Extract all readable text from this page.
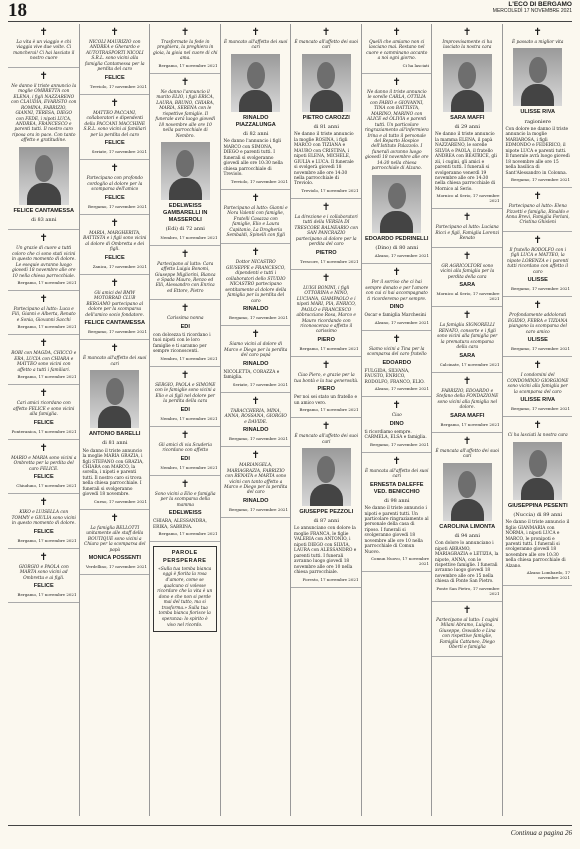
18	L'ECO DI BERGAMO
MERCOLEDÌ 17 NOVEMBRE 2021
✝

La vita è un viaggio e chi viaggia vive due volte. Ci mancherai! Ci hai lasciato il nostro cuore

✝

Ne danno il triste annuncio la moglie OMBRETTA con ELENA, i figli NAZZARENO con CLAUDIA, EVARISTO con ROMINA, FABRIZIO, GIANNI, TERESA, DIEGO con FEDE, i nipoti LUCA, ANDREA, FRANCESCO e parenti tutti. Il nostro caro riposa ora in pace. Con tanto affetto e gratitudine.

FELICE CANTAMESSA
di 83 anni
✝

Un grazie di cuore a tutti coloro che ci sono stati vicini in questo momento di dolore. Le esequie avranno luogo giovedì 18 novembre alle ore 10 nella chiesa parrocchiale.

Bergamo, 17 novembre 2021

✝

Partecipano al lutto: Luca e Fili, Gianni e Alberta, Renato e Sonia, Giovanni Sacchi

Bergamo, 17 novembre 2021

✝

ROBI con MAGDA, CHICCO e ERA, LUCIA con CHIARA e MATTEO sono vicini con affetto a tutti i familiari.

Bergamo, 17 novembre 2021

✝

Cari amici ricordano con affetto FELICE e sono vicini alla famiglia.

FELICE

Ponteranica, 17 novembre 2021

✝

MARIO e MARIA sono vicini a Ombretta per la perdita del caro FELICE.

FELICE

Chiuduno, 17 novembre 2021

✝

KIKO e LUISELLA con TOMMY e GIULIA sono vicini in questo momento di dolore.

FELICE

Bergamo, 17 novembre 2021

✝

GIORGIO e PAOLA con MARTA sono vicini ad Ombretta e ai figli.

FELICE

Bergamo, 17 novembre 2021

✝

NICOLI MAURIZIO con ANDREA e Gherardo e AUTOTRASPORTI NICOLI S.R.L. sono vicini alla famiglia Cantamessa per la perdita del caro

FELICE

Treviolo, 17 novembre 2021

✝

MATTEO PACCANI, collaboratori e dipendenti della PACCANI MACCHINE S.R.L. sono vicini ai familiari per la perdita del caro

FELICE

Seriate, 17 novembre 2021

✝

Partecipano con profondo cordoglio al dolore per la scomparsa dell'amico

FELICE

Bergamo, 17 novembre 2021

✝

MARIA, MARGHERITA, BATTISTA e i figli sono vicini al dolore di Ombretta e dei figli.

FELICE

Zanica, 17 novembre 2021

✝

Gli amici del BMW MOTORRAD CLUB BERGAMO partecipano al dolore per la scomparsa dell'amico socio fondatore.

FELICE CANTAMESSA

Bergamo, 17 novembre 2021

✝

È mancato all'affetto dei suoi cari

ANTONIO BARELLI
di 81 anni

Ne danno il triste annuncio la moglie MARIA GRAZIA, i figli STEFANO con GRAZIA, CHIARA con MARCO, la sorella, i nipoti e parenti tutti. Il nostro caro si trova nella chiesa parrocchiale. I funerali si svolgeranno giovedì 18 novembre.

Curno, 17 novembre 2021

✝

La famiglia BELLOTTI unitamente alle staff della BOUTIQUE sono vicini a Chiara per la scomparsa del papà

MONICA POSSENTI

Verdellino, 17 novembre 2021

✝

Trasformate la fede in preghiera, la preghiera in gioia, la gioia nel cuore di chi ama.

Bergamo, 17 novembre 2021

✝

Ne danno l'annuncio il marito ELIO, i figli ERICA, LAURA, BRUNO, CHIARA, MARIA, SERENA con le rispettive famiglie. Il funerale avrà luogo giovedì 18 novembre alle ore 10 nella parrocchiale di Nembro.

EDELWEISS GAMBARELLI IN MASSEROLI
(Edi) di 72 anni

Nembro, 17 novembre 2021

✝

Partecipano al lutto: Cara affetto Luigia Bonomi, Giuseppe Migliorini, Bianca e Spada Mauro, Renzo ed Elli, Alessandro con Enrica ed Ettore, Pietro

✝

Carissima nonna

EDI

con dolcezza ti ricordano i tuoi nipoti con le loro famiglie e ti saranno per sempre riconoscenti.

Nembro, 17 novembre 2021

✝

SERGIO, PAOLA e SIMONE con le famiglie sono vicini a Elio e ai figli nel dolore per la perdita della cara

EDI

Nembro, 17 novembre 2021

✝

Gli amici di via Scuderia ricordano con affetto

EDI

Nembro, 17 novembre 2021

✝

Sono vicini a Elio e famiglia per la scomparsa della mamma

EDELWEISS

CHIARA, ALESSANDRA, ERIKA, SABRINA.

Bergamo, 17 novembre 2021

PAROLE PERSPERARE

«Sulla tua tomba bianca oggi è fiorita la rosa d'amore, come se qualcuno ci volesse ricordare che la vita è un dono e che non si perde mai del tutto, ma si trasforma.» Sulla tua tomba bianca fiorisce la speranza: lo spirito è vivo nel ricordo.

✝

È mancato all'affetto dei suoi cari

RINALDO PIAZZALUNGA
di 82 anni

Ne danno l'annuncio i figli MARCO con SIMONA, DIEGO e parenti tutti. I funerali si svolgeranno giovedì alle ore 10:30 nella chiesa parrocchiale di Treviolo.

Treviolo, 17 novembre 2021

✝

Partecipano al lutto: Gianni e Nora Valenti con famiglie, Fratelli Casazza con famiglie, Elio e Laura Capitanio, La Drogheria Sembaldi, Spinelli con figli

✝

Dottor NICASTRO GIUSEPPE e FRANCESCO, dipendenti e tutti i collaboratori dello STUDIO NICASTRO partecipano sentitamente al dolore della famiglia per la perdita del caro

RINALDO

Bergamo, 17 novembre 2021

✝

Siamo vicini al dolore di Marco e Diego per la perdita del caro papà

RINALDO

NICOLETTA, CORAZZA e famiglia.

Seriate, 17 novembre 2021

✝

TABACCHERIA, MINA, ANNA, ROSSANA, GIORGIO e DAVIDE.

RINALDO

Bergamo, 17 novembre 2021

✝

MARIANGELA, MARIAGRAZIA, FABRIZIO con RENATA e MARTA sono vicini con tanto affetto a Marco e Diego per la perdita del caro

RINALDO

Bergamo, 17 novembre 2021

✝

È mancato all'affetto dei suoi cari

PIETRO CAROZZI
di 81 anni

Ne danno il triste annuncio la moglie ROSINA, i figli MARCO con TIZIANA e MAURO con CRISTINA, i nipoti ELENA, MICHELE, GIULIA e LUCA. Il funerale si svolgerà giovedì 18 novembre alle ore 14:30 nella parrocchiale di Treviolo.

Treviolo, 17 novembre 2021

✝

La direzione e i collaboratori tutti della VERSIA DI TRESCORE BALNEARIO con SAN PANCRAZIO partecipano al dolore per la perdita del caro

PIETRO

Trescore, 17 novembre 2021

✝

LUIGI BONINI, i figli OTTORINA e NINO, LUCIANA, GIAMPAOLO e i nipoti MARI, PIA, ENRICO, PAOLO e FRANCESCO abbracciano Rosa, Marco e Mauro ricordando con riconoscenza e affetto il carissimo

PIERO

Bergamo, 17 novembre 2021

✝

Ciao Piero, e grazie per la tua bontà e la tua generosità.

PIERO

Per noi sei stato un fratello e un amico vero.

Bergamo, 17 novembre 2021

✝

È mancato all'affetto dei suoi cari

GIUSEPPE PEZZOLI
di 87 anni

Lo annunciano con dolore la moglie FRANCA, le figlie VALERIA con ANTONIO, i nipoti DIEGO con SILVIA, LAURA con ALESSANDRO e parenti tutti. I funerali avranno luogo giovedì 18 novembre alle ore 10 nella chiesa parrocchiale.

Foresto, 17 novembre 2021

✝

Quelli che amiamo non ci lasciano mai. Restano nel cuore e camminano accanto a noi ogni giorno.

Ci ha lasciati

✝

Ne danno il triste annuncio le sorelle CARLA, OTTILIA con FABIO e GIOVANNI, TINA con BATTISTA, MARINO, MARINO con ALICE ed OLIVIA e parenti tutti. Un particolare ringraziamento all'infermiera Irina e al tutto il personale del Reparto Hospice dell'Istituto Palazzolo. I funerali avranno luogo giovedì 18 novembre alle ore 14:30 nella chiesa parrocchiale di Alzano.

EDOARDO PEDRINELLI
(Dino) di 80 anni

Alzano, 17 novembre 2021

✝

Per il sorriso che ci hai sempre donato e per l'amore con cui ci hai accompagnato ti ricorderemo per sempre.

DINO

Oscar e famiglia Marchesini

Alzano, 17 novembre 2021

✝

Siamo vicini a Tina per la scomparsa del caro fratello

EDOARDO

FULGIDA, SILVANA, FAUSTO, ENRICO, RODOLFO, FRANCO, ELIO.

Alzano, 17 novembre 2021

✝

Ciao

DINO

ti ricordiamo sempre. CARMELA, ELSA e famiglia.

Bergamo, 17 novembre 2021

✝

È mancata all'affetto dei suoi cari

ERNESTA DALEFFE VED. BENICCHIO
di 98 anni

Ne danno il triste annuncio i nipoti e parenti tutti. Un particolare ringraziamento al personale della casa di riposo. I funerali si svolgeranno giovedì 18 novembre alle ore 10 nella parrocchiale di Comun Nuovo.

Comun Nuovo, 17 novembre 2021

✝

Improvvisamente ci ha lasciato la nostra cara

SARA MAFFI
di 29 anni

Ne danno il triste annuncio la mamma ELENA, il papà NAZZARENO, le sorelle SILVIA e PAOLA, il fratello ANDREA con BEATRICE, gli zii, i cugini, gli amici e parenti tutti. I funerali si svolgeranno venerdì 19 novembre alle ore 14:30 nella chiesa parrocchiale di Mornico al Serio.

Mornico al Serio, 17 novembre 2021

✝

Partecipano al lutto: Luciana Ricci e figli, Famiglia Lorenzi Renato

✝

GR AGRICOLTORI sono vicini alla famiglia per la perdita della cara

SARA

Mornico al Serio, 17 novembre 2021

✝

La famiglia SIGNORELLI RENATO, consorte e i figli sono vicini alla famiglia per la prematura scomparsa della cara

SARA

Calcinate, 17 novembre 2021

✝

FABRIZIO, EDOARDO e Stefano della FONDAZIONE sono vicini alla famiglia nel dolore.

SARA MAFFI

Bergamo, 17 novembre 2021

✝

È mancata all'affetto dei suoi cari

CAROLINA LIMONTA
di 94 anni

Con dolore lo annunciano i nipoti ABRAMO, MARIAGRAZIA e LETIZIA, la nipote, ANNA, con le rispettive famiglie. I funerali avranno luogo giovedì 18 novembre alle ore 15 nella chiesa di Ponte San Pietro.

Ponte San Pietro, 17 novembre 2021

✝

Partecipano al lutto: I cugini Milani Abramo, Luigina, Giuseppe, Oswaldo e Lina con rispettive famiglie, Famiglia Cattaneo, Diego Oberti e famiglia

✝

È passato a miglior vita

ULISSE RIVA
ragioniere

Con dolore ne danno il triste annuncio la moglie MARIAROSA, i figli EDMONDO e FEDERICO, il nipote LUCA e parenti tutti. Il funerale avrà luogo giovedì 18 novembre alle ore 15 nella basilica di Sant'Alessandro in Colonna.

Bergamo, 17 novembre 2021

✝

Partecipano al lutto: Elena Pizzetti e famiglia, Rinaldo e Anna Brevi, Famiglia Forlani, Cristina Ghisleni

✝

Il fratello RODOLFO con i figli LUCA e MATTEO, la nipote LORENZA e i parenti tutti ricordano con affetto il caro

ULISSE

Bergamo, 17 novembre 2021

✝

Profondamente addolorati EGIDIO, FEBRA e TIZIANA piangono la scomparsa del caro amico

ULISSE

Bergamo, 17 novembre 2021

✝

I condomini del CONDOMINIO GIORGIONE sono vicini alla famiglia per la scomparsa del caro

ULISSE RIVA

Bergamo, 17 novembre 2021

✝

Ci ha lasciati la nostra cara

GIUSEPPINA PESENTI
(Nuccia) di 89 anni

Ne danno il triste annuncio il figlio GIANMARIA con NORMA, i nipoti LUCA e MARCO, le pronipoti e parenti tutti. I funerali si svolgeranno giovedì 18 novembre alle ore 10:30 nella chiesa parrocchiale di Alzano.

Alzano Lombardo, 17 novembre 2021

Continua a pagina 26
